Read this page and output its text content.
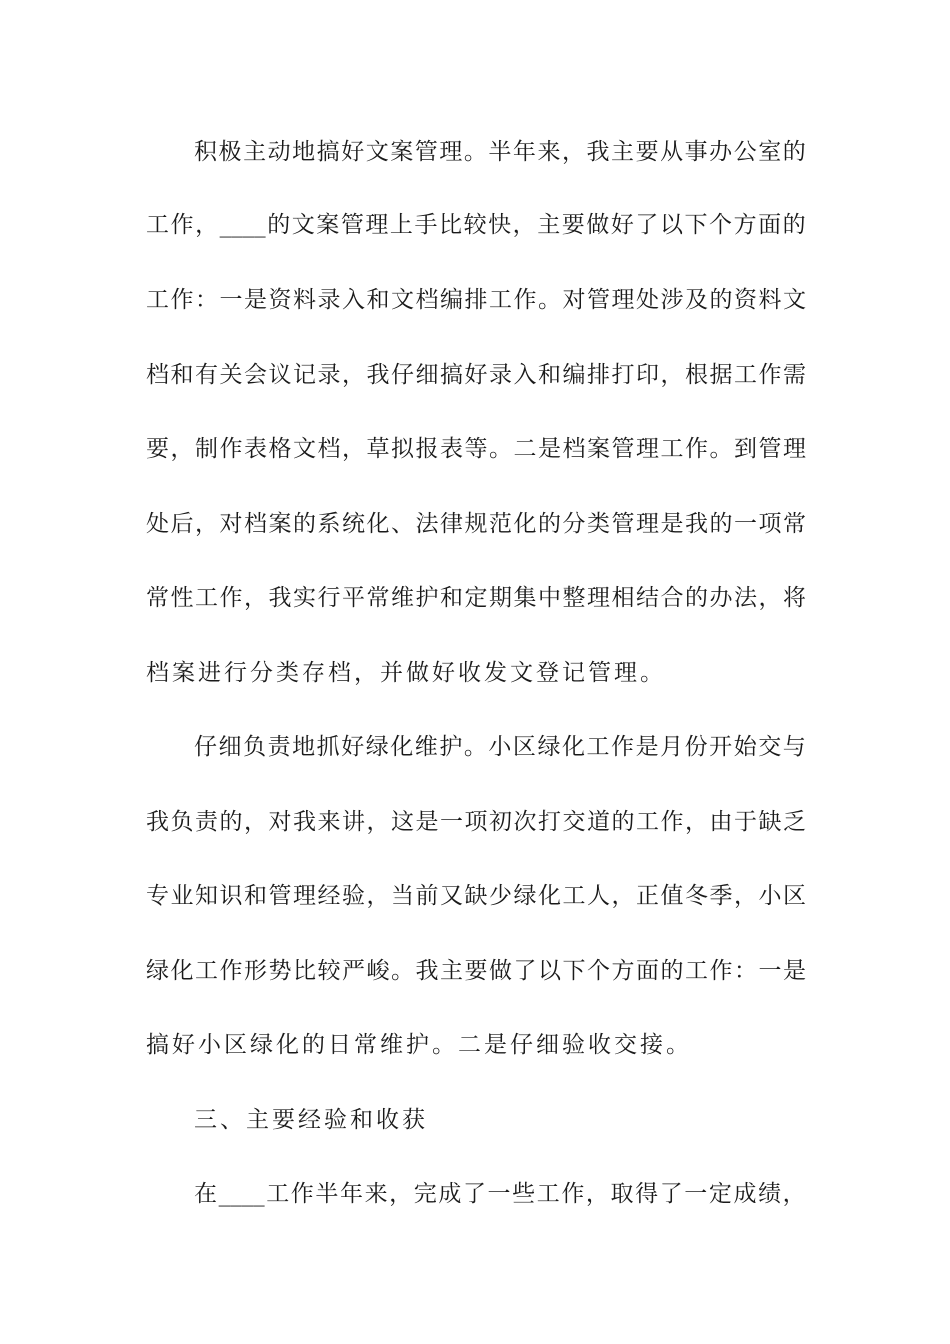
积 极 主 动 地 搞 好 文 案 管 理 。 半 年 来 ， 我 主 要 从 事 办 公 室 的
工 作 ， ____ 的 文 案 管 理 上 手 比 较 快 ， 主 要 做 好 了 以 下 个 方 面 的
工 作 ： 一 是 资 料 录 入 和 文 档 编 排 工 作 。 对 管 理 处 涉 及 的 资 料 文
档 和 有 关 会 议 记 录 ， 我 仔 细 搞 好 录 入 和 编 排 打 印 ， 根 据 工 作 需
要 ， 制 作 表 格 文 档 ， 草 拟 报 表 等 。 二 是 档 案 管 理 工 作 。 到 管 理
处 后 ， 对 档 案 的 系 统 化 、 法 律 规 范 化 的 分 类 管 理 是 我 的 一 项 常
常 性 工 作 ， 我 实 行 平 常 维 护 和 定 期 集 中 整 理 相 结 合 的 办 法 ， 将
档案进行分类存档，并做好收发文登记管理。
仔 细 负 责 地 抓 好 绿 化 维 护 。 小 区 绿 化 工 作 是 月 份 开 始 交 与
我 负 责 的 ， 对 我 来 讲 ， 这 是 一 项 初 次 打 交 道 的 工 作 ， 由 于 缺 乏
专 业 知 识 和 管 理 经 验 ， 当 前 又 缺 少 绿 化 工 人 ， 正 值 冬 季 ， 小 区
绿 化 工 作 形 势 比 较 严 峻 。 我 主 要 做 了 以 下 个 方 面 的 工 作 ： 一 是
搞好小区绿化的日常维护。二是仔细验收交接。
三、主要经验和收获
在 ____ 工 作 半 年 来 ， 完 成 了 一 些 工 作 ， 取 得 了 一 定 成 绩 ，
